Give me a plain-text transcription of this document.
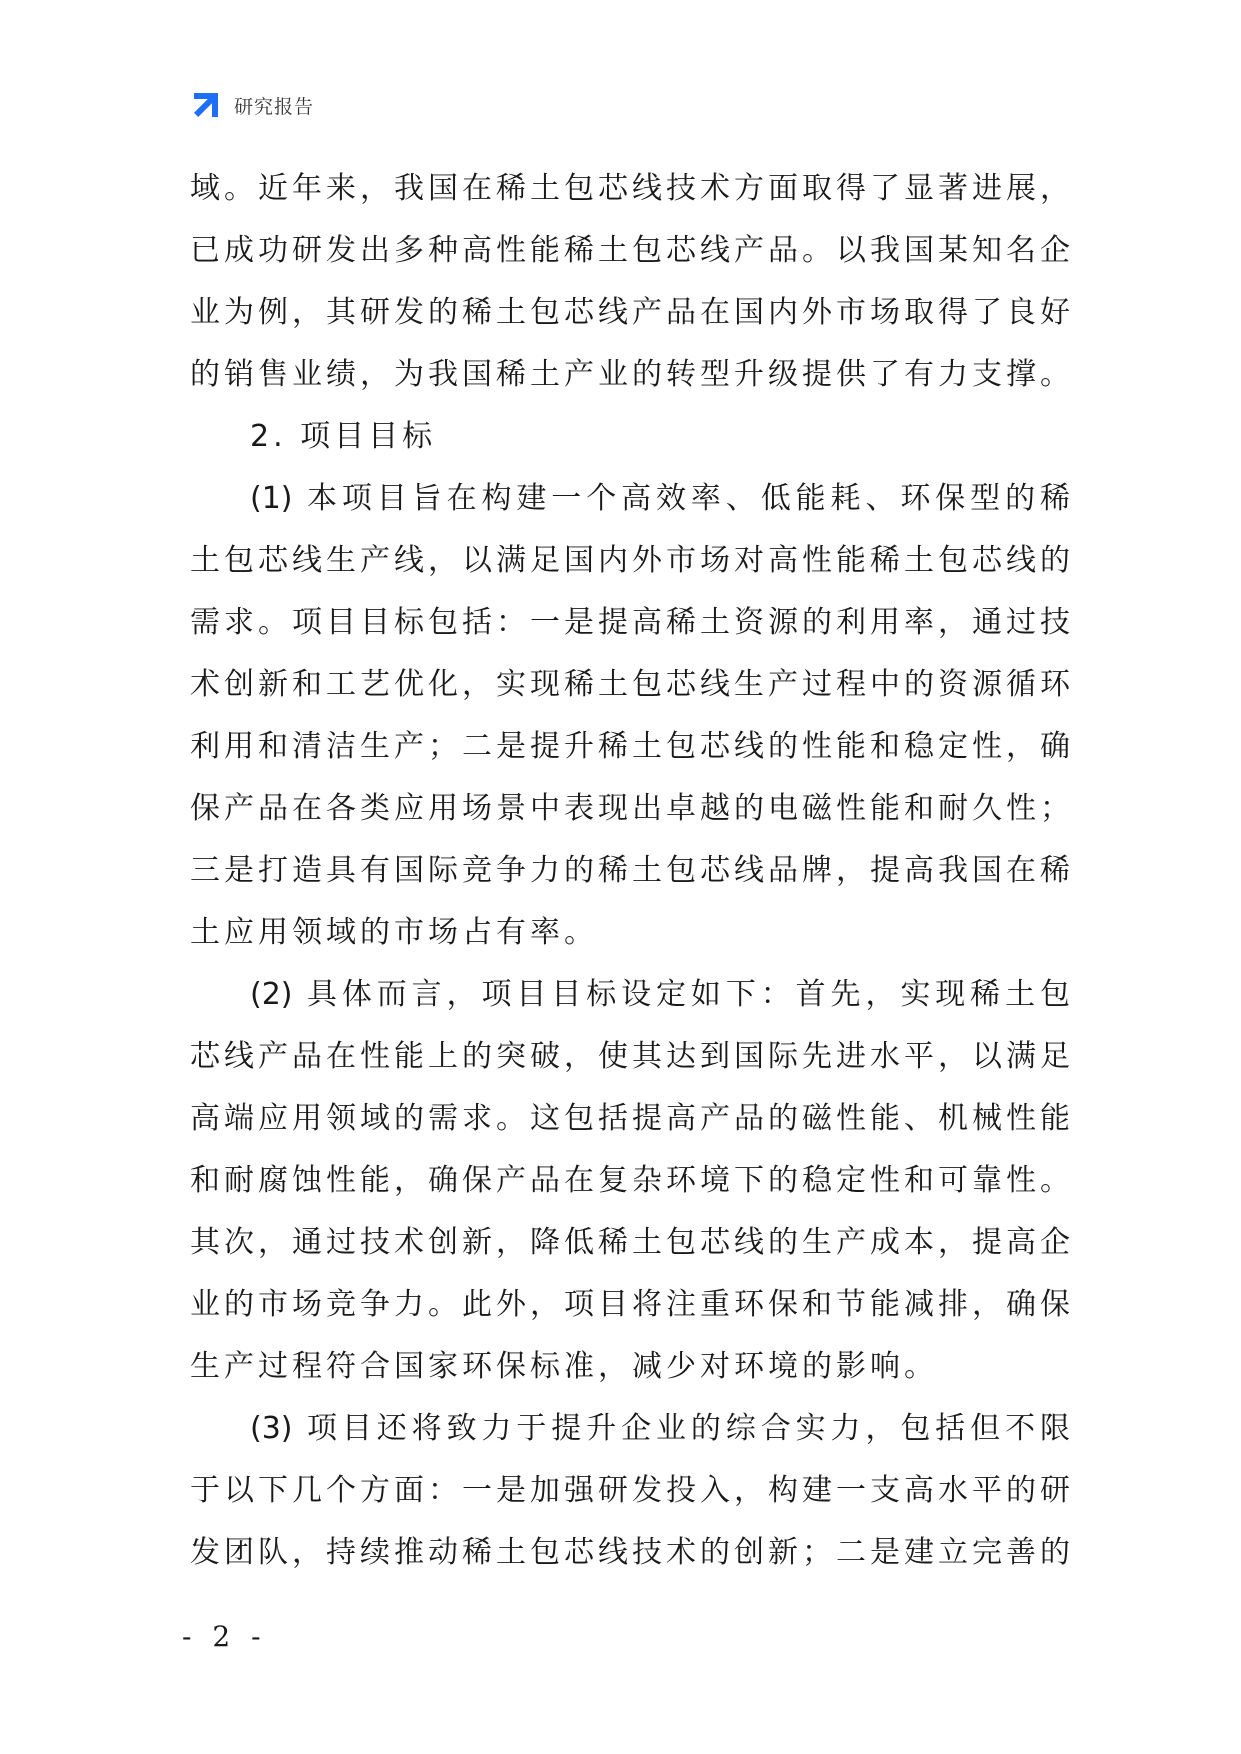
研究报告
域。近年来，我国在稀土包芯线技术方面取得了显著进展，
已成功研发出多种高性能稀土包芯线产品。以我国某知名企
业为例，其研发的稀土包芯线产品在国内外市场取得了良好
的销售业绩，为我国稀土产业的转型升级提供了有力支撑。
2. 项目目标
(1) 本项目旨在构建一个高效率、低能耗、环保型的稀
土包芯线生产线，以满足国内外市场对高性能稀土包芯线的
需求。项目目标包括：一是提高稀土资源的利用率，通过技
术创新和工艺优化，实现稀土包芯线生产过程中的资源循环
利用和清洁生产；二是提升稀土包芯线的性能和稳定性，确
保产品在各类应用场景中表现出卓越的电磁性能和耐久性；
三是打造具有国际竞争力的稀土包芯线品牌，提高我国在稀
土应用领域的市场占有率。
(2) 具体而言，项目目标设定如下：首先，实现稀土包
芯线产品在性能上的突破，使其达到国际先进水平，以满足
高端应用领域的需求。这包括提高产品的磁性能、机械性能
和耐腐蚀性能，确保产品在复杂环境下的稳定性和可靠性。
其次，通过技术创新，降低稀土包芯线的生产成本，提高企
业的市场竞争力。此外，项目将注重环保和节能减排，确保
生产过程符合国家环保标准，减少对环境的影响。
(3) 项目还将致力于提升企业的综合实力，包括但不限
于以下几个方面：一是加强研发投入，构建一支高水平的研
发团队，持续推动稀土包芯线技术的创新；二是建立完善的
- 2 -
